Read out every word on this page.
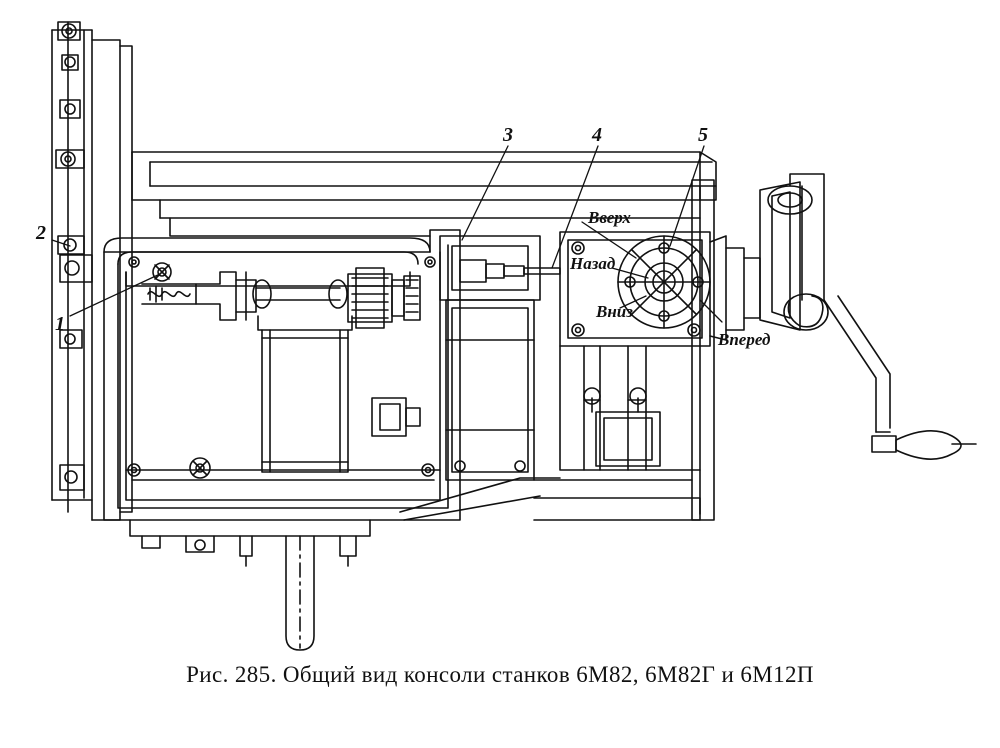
1
2
3	4	5
Вверх
Назад
Вниз
Вперед
Рис. 285. Общий вид консоли станков 6М82, 6М82Г и 6М12П
